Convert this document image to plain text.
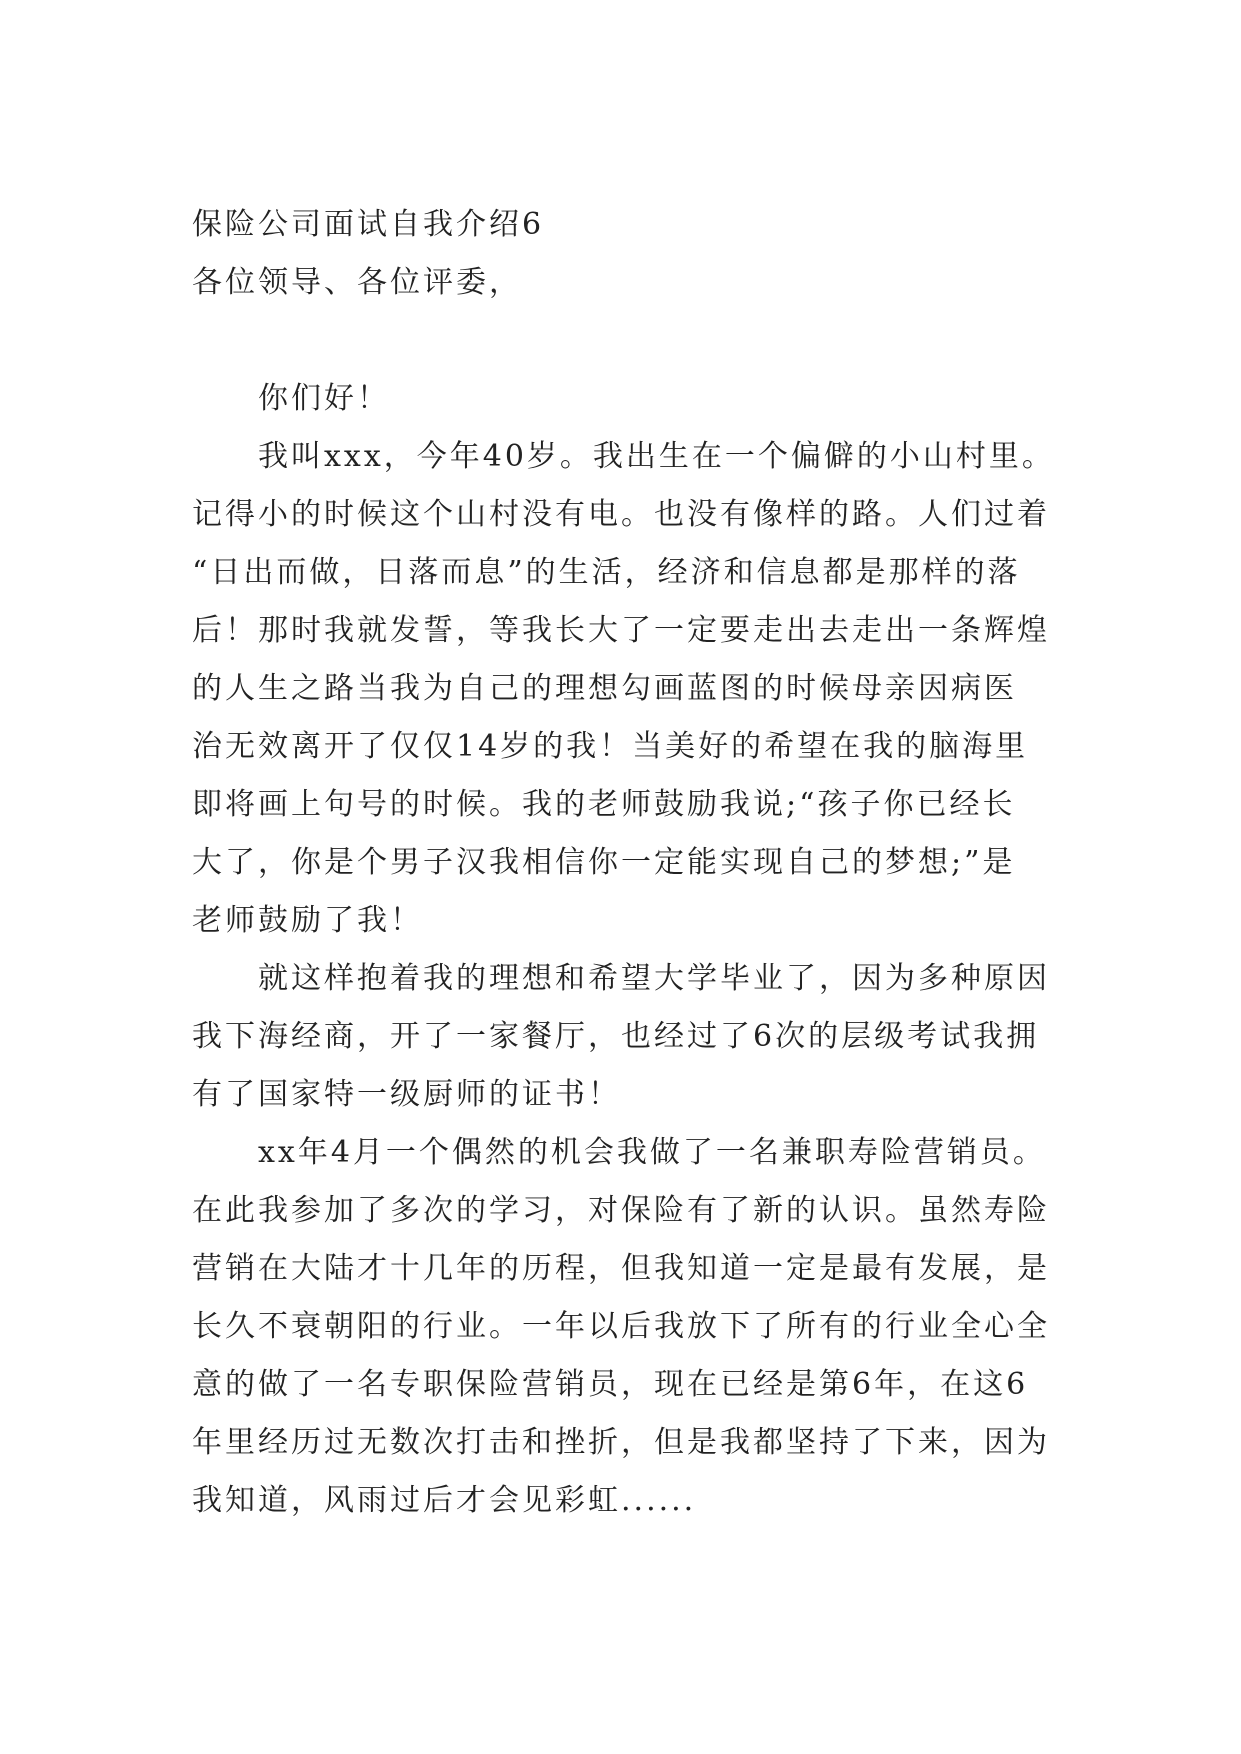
保险公司面试自我介绍6
各位领导、各位评委，
你们好！
我叫xxx，今年40岁。我出生在一个偏僻的小山村里。
记得小的时候这个山村没有电。也没有像样的路。人们过着
“日出而做，日落而息”的生活，经济和信息都是那样的落
后！那时我就发誓，等我长大了一定要走出去走出一条辉煌
的人生之路当我为自己的理想勾画蓝图的时候母亲因病医
治无效离开了仅仅14岁的我！当美好的希望在我的脑海里
即将画上句号的时候。我的老师鼓励我说;“孩子你已经长
大了，你是个男子汉我相信你一定能实现自己的梦想;”是
老师鼓励了我！
就这样抱着我的理想和希望大学毕业了，因为多种原因
我下海经商，开了一家餐厅，也经过了6次的层级考试我拥
有了国家特一级厨师的证书！
xx年4月一个偶然的机会我做了一名兼职寿险营销员。
在此我参加了多次的学习，对保险有了新的认识。虽然寿险
营销在大陆才十几年的历程，但我知道一定是最有发展，是
长久不衰朝阳的行业。一年以后我放下了所有的行业全心全
意的做了一名专职保险营销员，现在已经是第6年，在这6
年里经历过无数次打击和挫折，但是我都坚持了下来，因为
我知道，风雨过后才会见彩虹......
